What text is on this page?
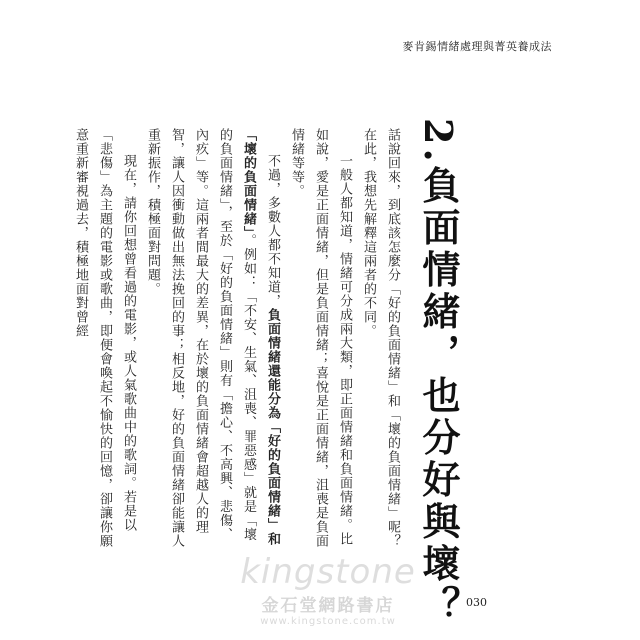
麥肯錫情緒處理與菁英養成法
2.負面情緒，也分好與壞？

話說回來，到底該怎麼分「好的負面情緒」和「壞的負面情緒」呢？在此，我想先解釋這兩者的不同。

一般人都知道，情緒可分成兩大類，即正面情緒和負面情緒。比如說，愛是正面情緒，但是負面情緒；喜悅是正面情緒，沮喪是負面情緒等等。

不過，多數人都不知道，負面情緒還能分為「好的負面情緒」和「壞的負面情緒」。例如：「不安、生氣、沮喪、罪惡感」就是「壞的負面情緒」，至於「好的負面情緒」則有「擔心、不高興、悲傷、內疚」等。這兩者間最大的差異，在於壞的負面情緒會超越人的理智，讓人因衝動做出無法挽回的事；相反地，好的負面情緒卻能讓人重新振作，積極面對問題。

現在，請你回想曾看過的電影，或人氣歌曲中的歌詞。若是以「悲傷」為主題的電影或歌曲，即便會喚起不愉快的回憶，卻讓你願意重新審視過去，積極地面對曾經

kingstone
金石堂網路書店
www.kingstone.com.tw
030
